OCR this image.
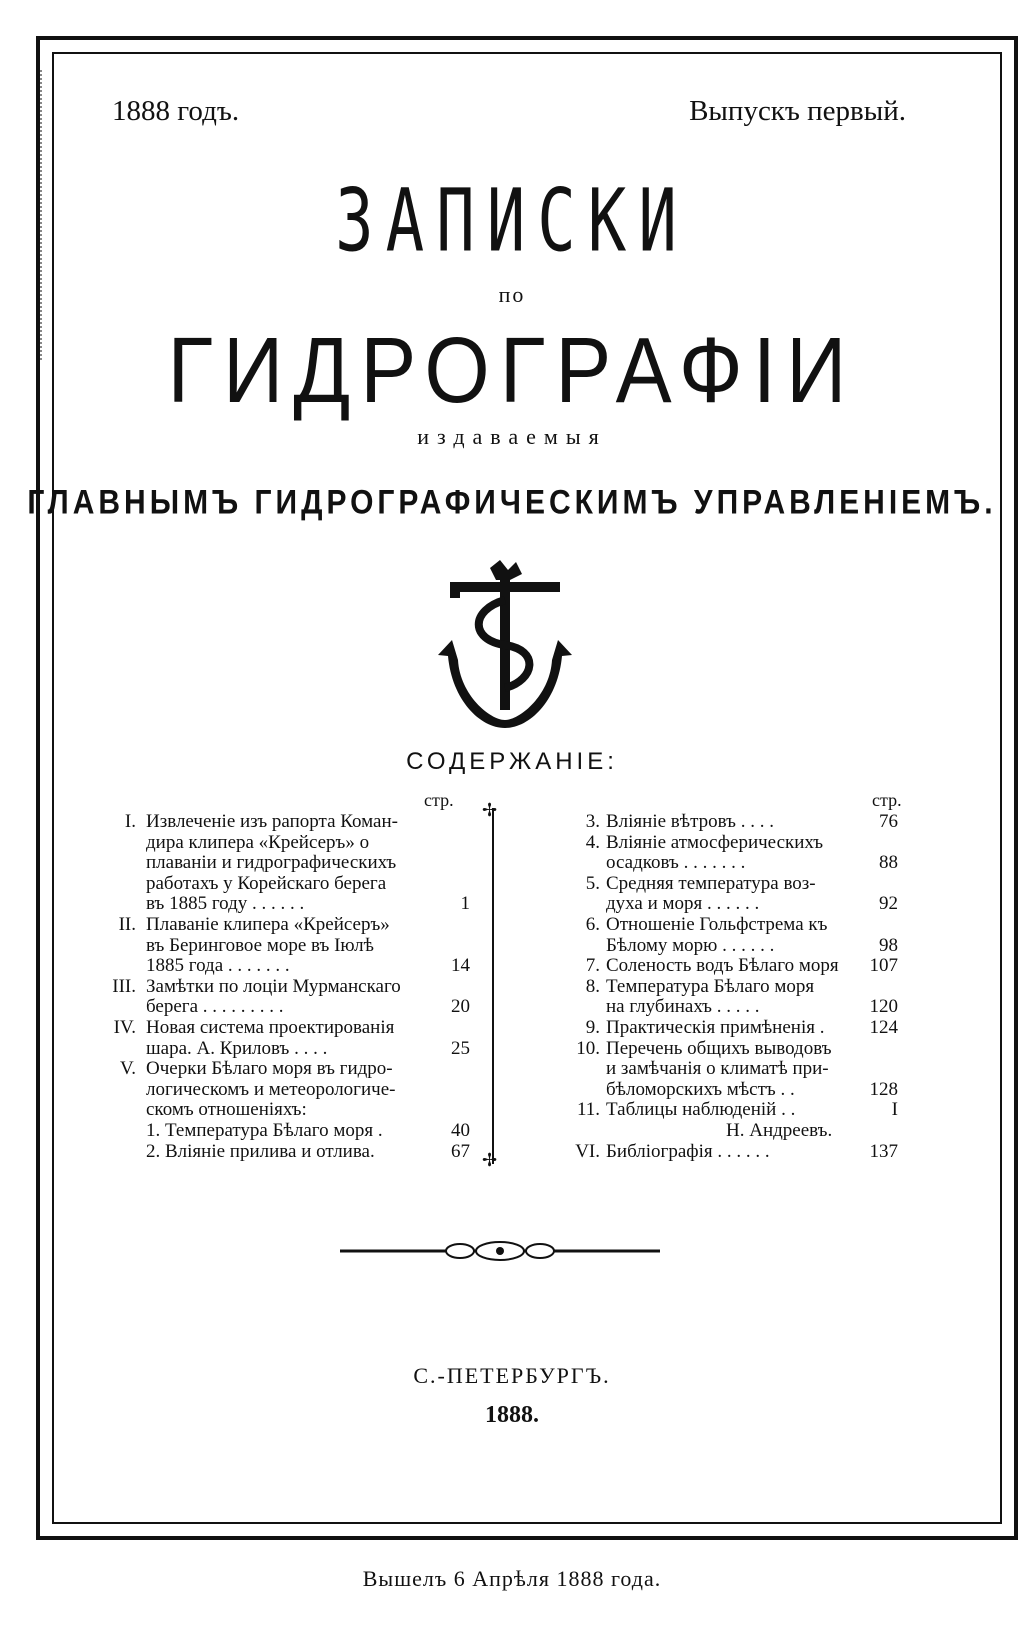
1888 годъ.	Выпускъ первый.
ЗАПИСКИ
по
ГИДРОГРАФІИ
издаваемыя
ГЛАВНЫМЪ ГИДРОГРАФИЧЕСКИМЪ УПРАВЛЕНІЕМЪ.
СОДЕРЖАНІЕ:
стр.	стр.
I. Извлеченіе изъ рапорта Коман-
дира клипера «Крейсеръ» о
плаваніи и гидрографическихъ
работахъ у Корейскаго берега
въ 1885 году . . . . . .	1
II. Плаваніе клипера «Крейсеръ»
въ Беринговое море въ Іюлѣ
1885 года . . . . . . .	14
III. Замѣтки по лоціи Мурманскаго
берега . . . . . . . . .	20
IV. Новая система проектированія
шара. А. Криловъ . . . .	25
V. Очерки Бѣлаго моря въ гидро-
логическомъ и метеорологиче-
скомъ отношеніяхъ:
1. Температура Бѣлаго моря .	40
2. Вліяніе прилива и отлива.	67
3. Вліяніе вѣтровъ . . . .	76
4. Вліяніе атмосферическихъ
осадковъ . . . . . . .	88
5. Средняя температура воз-
духа и моря . . . . . .	92
6. Отношеніе Гольфстрема къ
Бѣлому морю . . . . . .	98
7. Соленость водъ Бѣлаго моря	107
8. Температура Бѣлаго моря
на глубинахъ . . . . .	120
9. Практическія примѣненія .	124
10. Перечень общихъ выводовъ
и замѣчанія о климатѣ при-
бѣломорскихъ мѣстъ . .	128
11. Таблицы наблюденій . .	I
Н. Андреевъ.
VI. Библіографія . . . . . .	137
✢
✢
С.-ПЕТЕРБУРГЪ.
1888.
Вышелъ 6 Апрѣля 1888 года.
